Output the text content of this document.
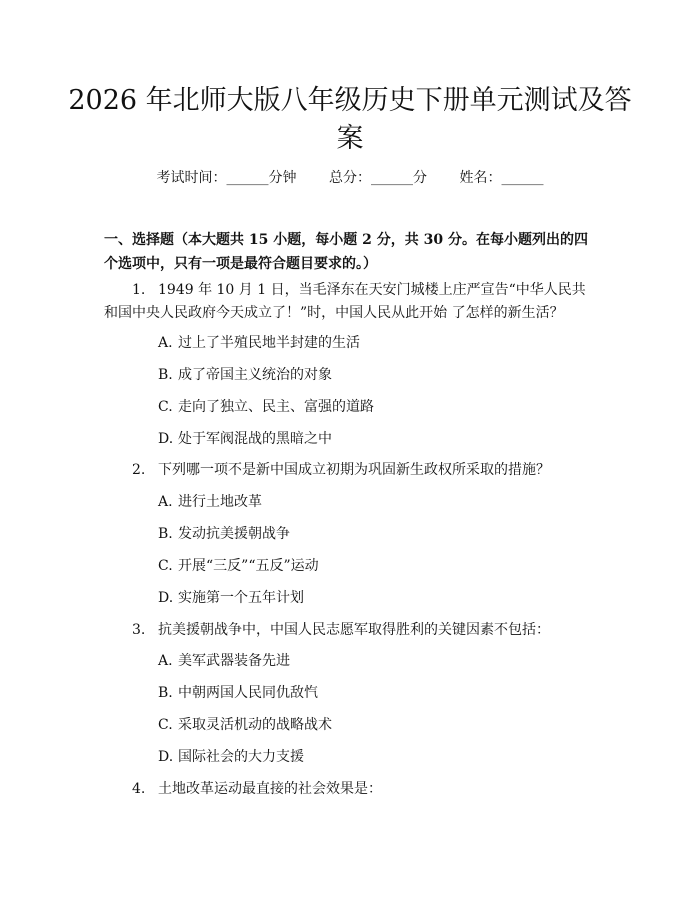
2026 年北师大版八年级历史下册单元测试及答案
考试时间：______分钟 总分：______分 姓名：______
一、选择题（本大题共 15 小题，每小题 2 分，共 30 分。在每小题列出的四个选项中，只有一项是最符合题目要求的。）
1. 1949 年 10 月 1 日，当毛泽东在天安门城楼上庄严宣告“中华人民共和国中央人民政府今天成立了！”时，中国人民从此开始 了怎样的新生活？
A. 过上了半殖民地半封建的生活
B. 成了帝国主义统治的对象
C. 走向了独立、民主、富强的道路
D. 处于军阀混战的黑暗之中
2. 下列哪一项不是新中国成立初期为巩固新生政权所采取的措施？
A. 进行土地改革
B. 发动抗美援朝战争
C. 开展“三反”“五反”运动
D. 实施第一个五年计划
3. 抗美援朝战争中，中国人民志愿军取得胜利的关键因素不包括：
A. 美军武器装备先进
B. 中朝两国人民同仇敌忾
C. 采取灵活机动的战略战术
D. 国际社会的大力支援
4. 土地改革运动最直接的社会效果是：
